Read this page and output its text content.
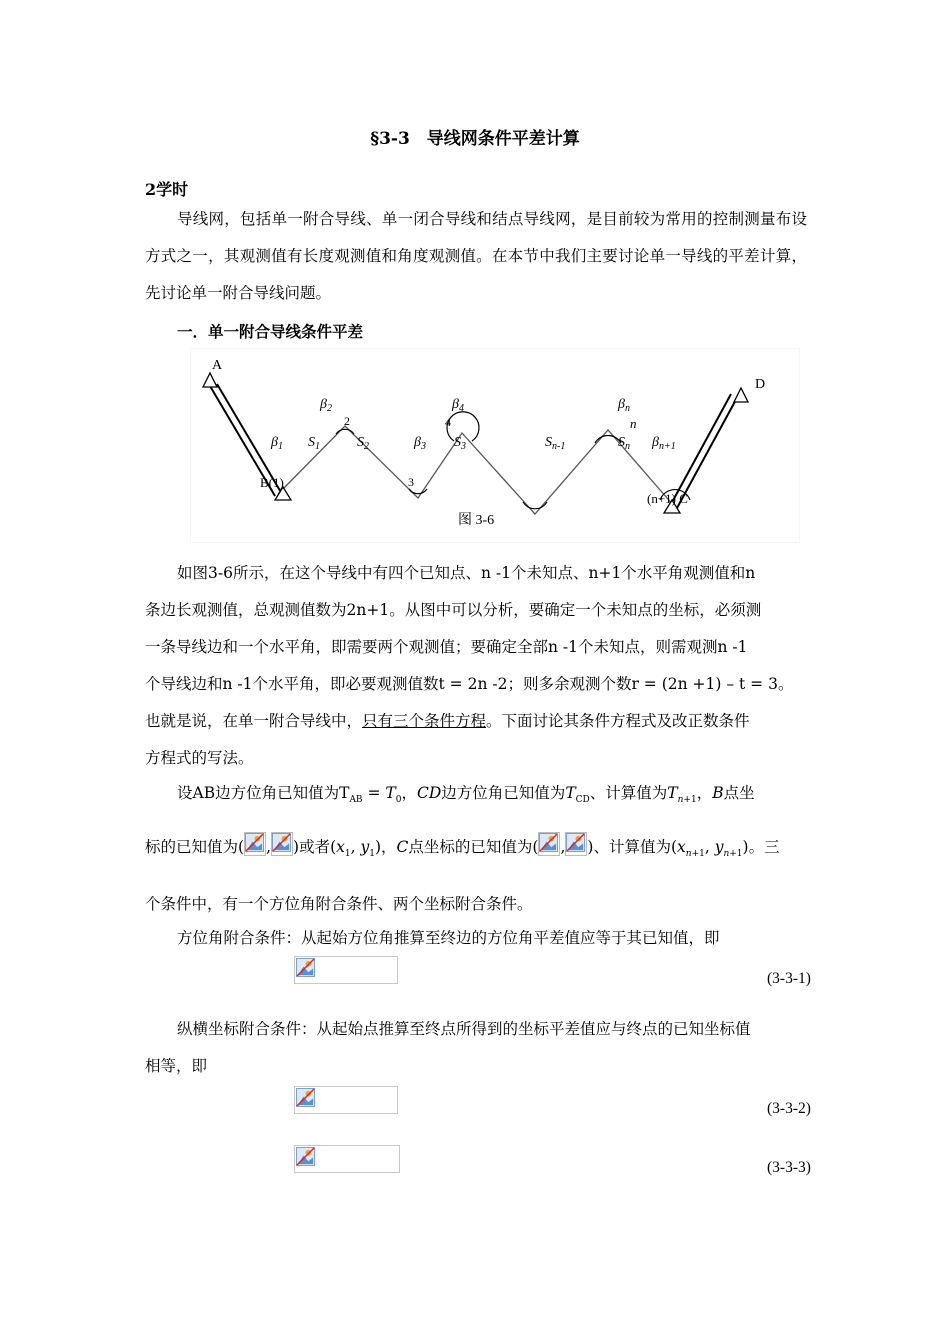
§3-3　导线网条件平差计算
2学时
导线网，包括单一附合导线、单一闭合导线和结点导线网，是目前较为常用的控制测量布设方式之一，其观测值有长度观测值和角度观测值。在本节中我们主要讨论单一导线的平差计算，先讨论单一附合导线问题。
一．单一附合导线条件平差
A
D
B(1)
(n+1) C
$\beta_1$
$\beta_2$
$\beta_3$
$\beta_4$	$\beta_n$
$\beta_{n+1}$
$S_1$	$S_2$	$S_3$	$S_{n-1}$	$S_n$
2
3
4	n
图 3-6
如图3-6所示，在这个导线中有四个已知点、n -1个未知点、n+1个水平角观测值和n
条边长观测值，总观测值数为2n+1。从图中可以分析，要确定一个未知点的坐标，必须测
一条导线边和一个水平角，即需要两个观测值；要确定全部n -1个未知点，则需观测n -1
个导线边和n -1个水平角，即必要观测值数t = 2n -2；则多余观测个数r = (2n +1) – t = 3。
也就是说，在单一附合导线中，只有三个条件方程。下面讨论其条件方程式及改正数条件
方程式的写法。
设AB边方位角已知值为$T_{AB} = T_0$，CD边方位角已知值为$T_{CD}$、计算值为$T_{n+1}$，B点坐
标的已知值为( , )或者($x_1$, $y_1$)，C点坐标的已知值为( , )、计算值为($x_{n+1}$, $y_{n+1}$)。三
个条件中，有一个方位角附合条件、两个坐标附合条件。
方位角附合条件：从起始方位角推算至终边的方位角平差值应等于其已知值，即
(3-3-1)
纵横坐标附合条件：从起始点推算至终点所得到的坐标平差值应与终点的已知坐标值
相等，即
(3-3-2)
(3-3-3)
